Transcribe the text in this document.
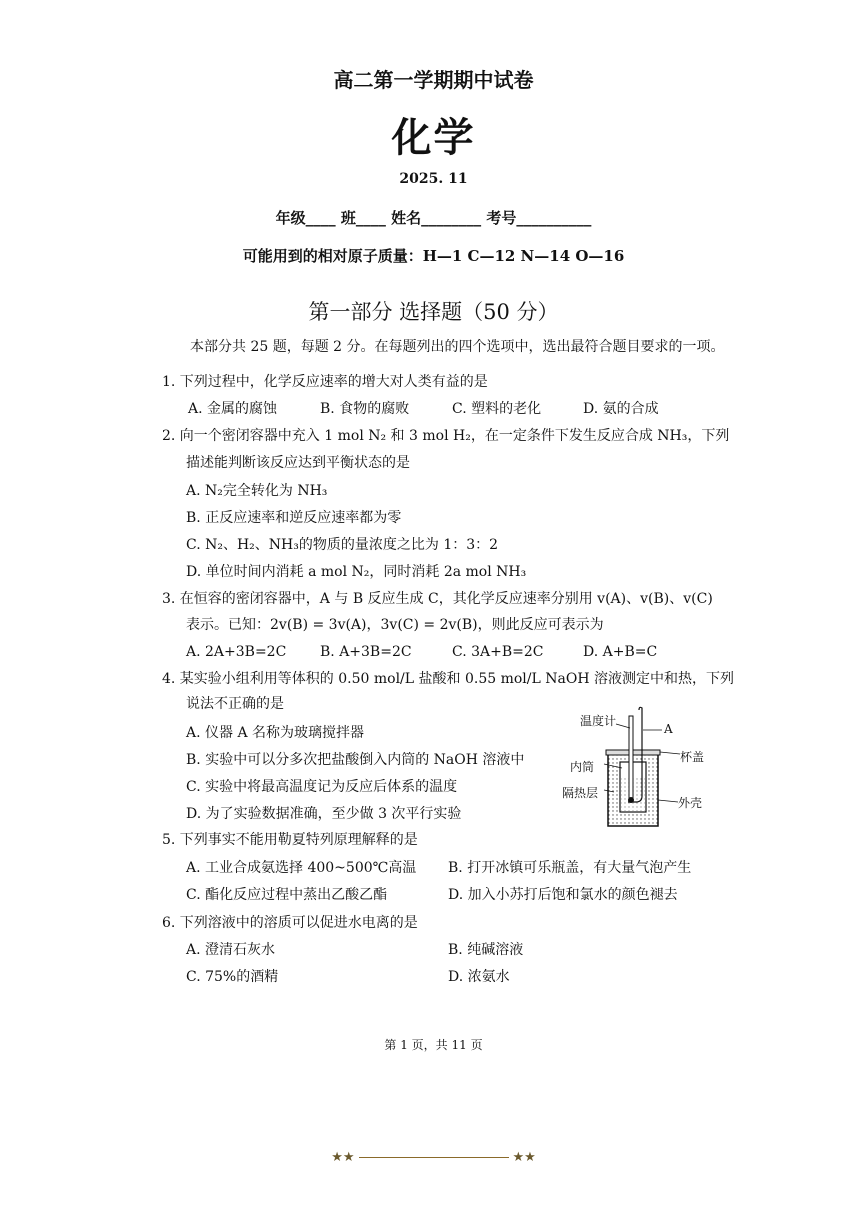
高二第一学期期中试卷
化学
2025. 11
年级____ 班____ 姓名________ 考号__________
可能用到的相对原子质量：H—1 C—12 N—14 O—16
第一部分 选择题（50 分）
本部分共 25 题，每题 2 分。在每题列出的四个选项中，选出最符合题目要求的一项。
1. 下列过程中，化学反应速率的增大对人类有益的是
A. 金属的腐蚀	B. 食物的腐败	C. 塑料的老化	D. 氨的合成
2. 向一个密闭容器中充入 1 mol N₂ 和 3 mol H₂，在一定条件下发生反应合成 NH₃，下列
描述能判断该反应达到平衡状态的是
A. N₂完全转化为 NH₃
B. 正反应速率和逆反应速率都为零
C. N₂、H₂、NH₃的物质的量浓度之比为 1：3：2
D. 单位时间内消耗 a mol N₂，同时消耗 2a mol NH₃
3. 在恒容的密闭容器中，A 与 B 反应生成 C，其化学反应速率分别用 v(A)、v(B)、v(C)
表示。已知：2v(B) = 3v(A)，3v(C) = 2v(B)，则此反应可表示为
A. 2A+3B=2C B. A+3B=2C	C. 3A+B=2C	D. A+B=C
4. 某实验小组利用等体积的 0.50 mol/L 盐酸和 0.55 mol/L NaOH 溶液测定中和热，下列
说法不正确的是
A. 仪器 A 名称为玻璃搅拌器
B. 实验中可以分多次把盐酸倒入内筒的 NaOH 溶液中
C. 实验中将最高温度记为反应后体系的温度
D. 为了实验数据准确，至少做 3 次平行实验
温度计
A
杯盖
内筒
隔热层
外壳
5. 下列事实不能用勒夏特列原理解释的是
A. 工业合成氨选择 400~500℃高温 B. 打开冰镇可乐瓶盖，有大量气泡产生
C. 酯化反应过程中蒸出乙酸乙酯	D. 加入小苏打后饱和氯水的颜色褪去
6. 下列溶液中的溶质可以促进水电离的是
A. 澄清石灰水	B. 纯碱溶液
C. 75%的酒精	D. 浓氨水
第 1 页，共 11 页
★★	★★
